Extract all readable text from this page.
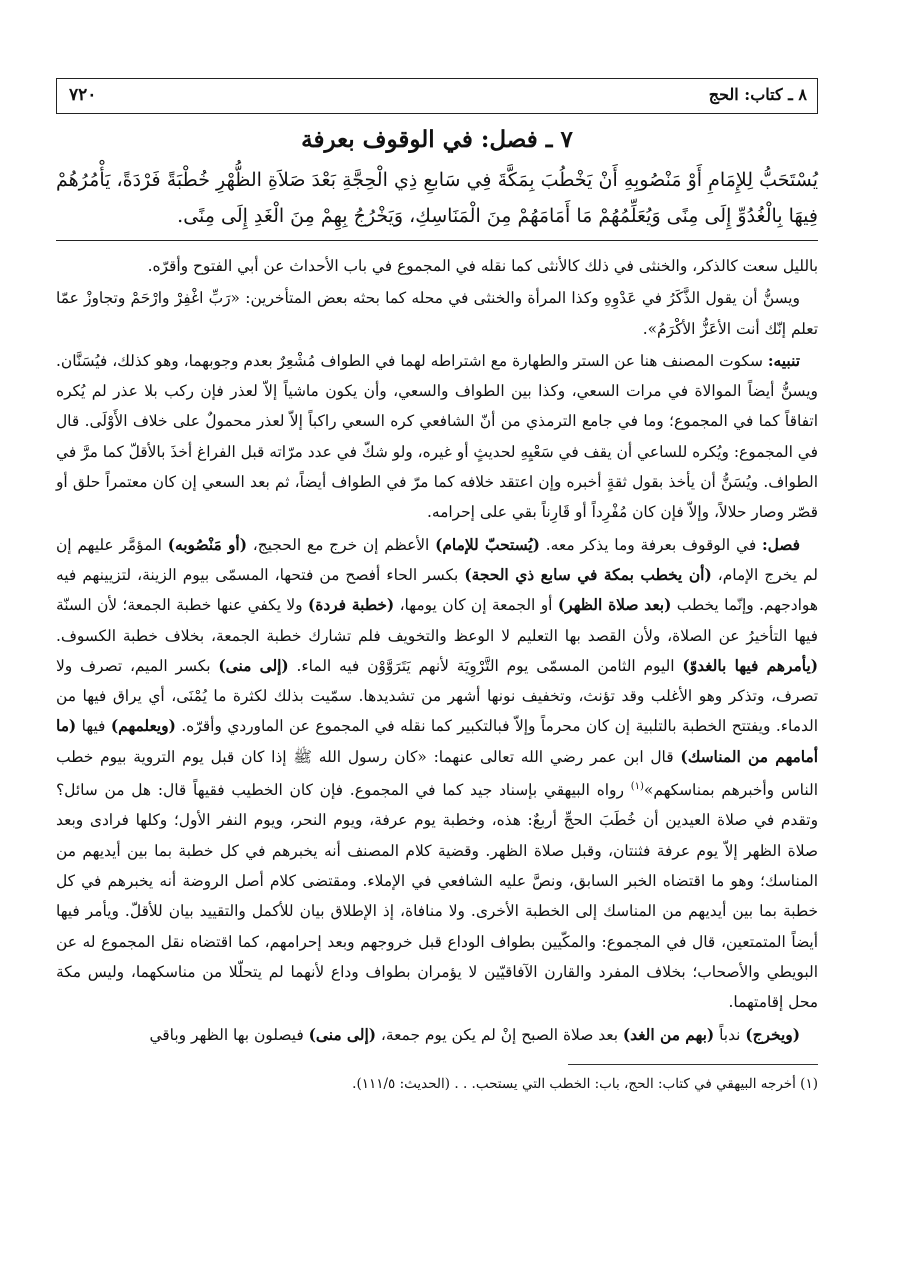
٨ ـ كتاب: الحج
٧٢٠
٧ ـ فصل: في الوقوف بعرفة

يُسْتَحَبُّ لِلإِمَامِ أَوْ مَنْصُوبِهِ أَنْ يَخْطُبَ بِمَكَّةَ فِي سَابعِ ذِي الْحِجَّةِ بَعْدَ صَلاَةِ الظُّهْرِ خُطْبَةً فَرْدَةً، يَأْمُرُهُمْ فِيهَا بِالْغُدُوِّ إِلَى مِنًى وَيُعَلِّمُهُمْ مَا أَمَامَهُمْ مِنَ الْمَنَاسِكِ، وَيَخْرُجُ بِهِمْ مِنَ الْغَدِ إِلَى مِنًى.

بالليل سعت كالذكر، والخنثى في ذلك كالأنثى كما نقله في المجموع في باب الأحداث عن أبي الفتوح وأقرّه.

ويسنُّ أن يقول الذَّكَرُ في عَدْوِهِ وكذا المرأة والخنثى في محله كما بحثه بعض المتأخرين: «رَبِّ اغْفِرْ وارْحَمْ وتجاوزْ عمّا تعلم إنّك أنت الأعَزُّ الأكْرَمُ».

تنبيه: سكوت المصنف هنا عن الستر والطهارة مع اشتراطه لهما في الطواف مُشْعِرٌ بعدم وجوبهما، وهو كذلك، فيُسَنَّان. ويسنُّ أيضاً الموالاة في مرات السعي، وكذا بين الطواف والسعي، وأن يكون ماشياً إلاّ لعذر فإن ركب بلا عذر لم يُكره اتفاقاً كما في المجموع؛ وما في جامع الترمذي من أنّ الشافعي كره السعي راكباً إلاّ لعذر محمولٌ على خلاف الأَوْلَى. قال في المجموع: ويُكره للساعي أن يقف في سَعْيِهِ لحديثٍ أو غيره، ولو شكّ في عدد مرّاته قبل الفراغ أخذَ بالأقلّ كما مرَّ في الطواف. ويُسَنُّ أن يأخذ بقول ثقةٍ أخبره وإن اعتقد خلافه كما مرّ في الطواف أيضاً، ثم بعد السعي إن كان معتمراً حلق أو قصّر وصار حلالاً، وإلاّ فإن كان مُفْرِداً أو قَارِناً بقي على إحرامه.

فصل: في الوقوف بعرفة وما يذكر معه. (يُستحبّ للإمام) الأعظم إن خرج مع الحجيج، (أو مَنْصُوبه) المؤمَّر عليهم إن لم يخرج الإمام، (أن يخطب بمكة في سابع ذي الحجة) بكسر الحاء أفصح من فتحها، المسمّى بيوم الزينة، لتزيينهم فيه هوادجهم. وإنّما يخطب (بعد صلاة الظهر) أو الجمعة إن كان يومها، (خطبة فردة) ولا يكفي عنها خطبة الجمعة؛ لأن السنّة فيها التأخيرُ عن الصلاة، ولأن القصد بها التعليم لا الوعظ والتخويف فلم تشارك خطبة الجمعة، بخلاف خطبة الكسوف. (يأمرهم فيها بالغدوّ) اليوم الثامن المسمّى يوم التَّرْوِيَة لأنهم يَتَرَوَّوْن فيه الماء. (إلى منى) بكسر الميم، تصرف ولا تصرف، وتذكر وهو الأغلب وقد تؤنث، وتخفيف نونها أشهر من تشديدها. سمّيت بذلك لكثرة ما يُمْنَى، أي يراق فيها من الدماء. ويفتتح الخطبة بالتلبية إن كان محرماً وإلاّ فبالتكبير كما نقله في المجموع عن الماوردي وأقرّه. (ويعلمهم) فيها (ما أمامهم من المناسك) قال ابن عمر رضي الله تعالى عنهما: «كان رسول الله ﷺ إذا كان قبل يوم التروية بيوم خطب الناس وأخبرهم بمناسكهم»$^{(١)}$ رواه البيهقي بإسناد جيد كما في المجموع. فإن كان الخطيب فقيهاً قال: هل من سائل؟ وتقدم في صلاة العيدين أن خُطَبَ الحجِّ أربعٌ: هذه، وخطبة يوم عرفة، ويوم النحر، ويوم النفر الأول؛ وكلها فرادى وبعد صلاة الظهر إلاّ يوم عرفة فثنتان، وقبل صلاة الظهر. وقضية كلام المصنف أنه يخبرهم في كل خطبة بما بين أيديهم من المناسك؛ وهو ما اقتضاه الخبر السابق، ونصَّ عليه الشافعي في الإملاء. ومقتضى كلام أصل الروضة أنه يخبرهم في كل خطبة بما بين أيديهم من المناسك إلى الخطبة الأخرى. ولا منافاة، إذ الإطلاق بيان للأكمل والتقييد بيان للأقلّ. ويأمر فيها أيضاً المتمتعين، قال في المجموع: والمكّيين بطواف الوداع قبل خروجهم وبعد إحرامهم، كما اقتضاه نقل المجموع له عن البويطي والأصحاب؛ بخلاف المفرد والقارن الآفاقيّين لا يؤمران بطواف وداع لأنهما لم يتحلّلا من مناسكهما، وليس مكة محل إقامتهما.

(ويخرج) ندباً (بهم من الغد) بعد صلاة الصبح إنْ لم يكن يوم جمعة، (إلى منى) فيصلون بها الظهر وباقي

(١) أخرجه البيهقي في كتاب: الحج، باب: الخطب التي يستحب. . . (الحديث: ١١١/٥).
